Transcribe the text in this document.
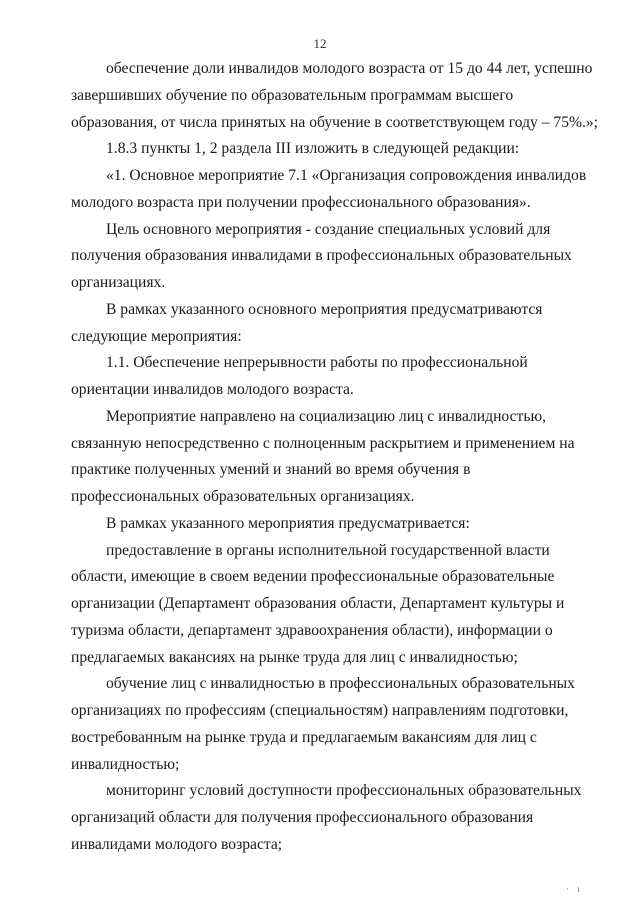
12

обеспечение доли инвалидов молодого возраста от 15 до 44 лет, успешно завершивших обучение по образовательным программам высшего образования, от числа принятых на обучение в соответствующем году – 75%.»;

1.8.3 пункты 1, 2 раздела III изложить в следующей редакции:

«1. Основное мероприятие 7.1 «Организация сопровождения инвалидов молодого возраста при получении профессионального образования».

Цель основного мероприятия - создание специальных условий для получения образования инвалидами в профессиональных образовательных организациях.

В рамках указанного основного мероприятия предусматриваются следующие мероприятия:

1.1. Обеспечение непрерывности работы по профессиональной ориентации инвалидов молодого возраста.

Мероприятие направлено на социализацию лиц с инвалидностью, связанную непосредственно с полноценным раскрытием и применением на практике полученных умений и знаний во время обучения в профессиональных образовательных организациях.

В рамках указанного мероприятия предусматривается:

предоставление в органы исполнительной государственной власти области, имеющие в своем ведении профессиональные образовательные организации (Департамент образования области, Департамент культуры и туризма области, департамент здравоохранения области), информации о предлагаемых вакансиях на рынке труда для лиц с инвалидностью;

обучение лиц с инвалидностью в профессиональных образовательных организациях по профессиям (специальностям) направлениям подготовки, востребованным на рынке труда и предлагаемым вакансиям для лиц с инвалидностью;

мониторинг условий доступности профессиональных образовательных организаций области для получения профессионального образования инвалидами молодого возраста;

· ı
